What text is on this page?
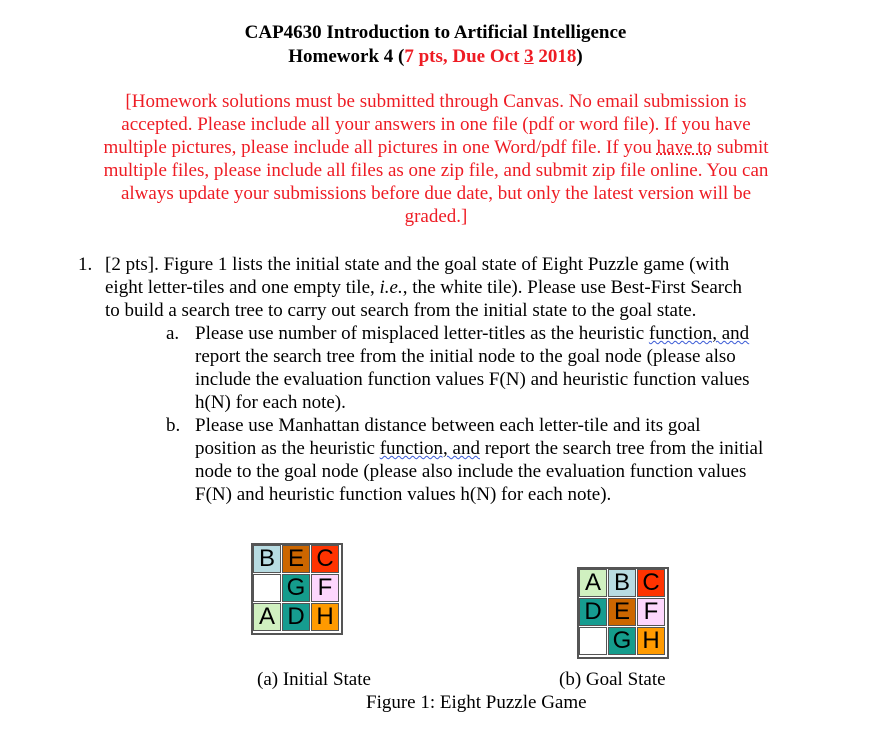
CAP4630 Introduction to Artificial Intelligence
Homework 4 (7 pts, Due Oct 3 2018)
[Homework solutions must be submitted through Canvas. No email submission is
accepted. Please include all your answers in one file (pdf or word file). If you have
multiple pictures, please include all pictures in one Word/pdf file. If you have to submit
multiple files, please include all files as one zip file, and submit zip file online. You can
always update your submissions before due date, but only the latest version will be
graded.]
1. [2 pts]. Figure 1 lists the initial state and the goal state of Eight Puzzle game (with
eight letter-tiles and one empty tile, i.e., the white tile). Please use Best-First Search
to build a search tree to carry out search from the initial state to the goal state.
a. Please use number of misplaced letter-titles as the heuristic function, and
report the search tree from the initial node to the goal node (please also
include the evaluation function values F(N) and heuristic function values
h(N) for each note).
b. Please use Manhattan distance between each letter-tile and its goal
position as the heuristic function, and report the search tree from the initial
node to the goal node (please also include the evaluation function values
F(N) and heuristic function values h(N) for each note).
B E C
G F
A D H
A B C
D E F
G H
(a) Initial State	(b) Goal State
Figure 1: Eight Puzzle Game
